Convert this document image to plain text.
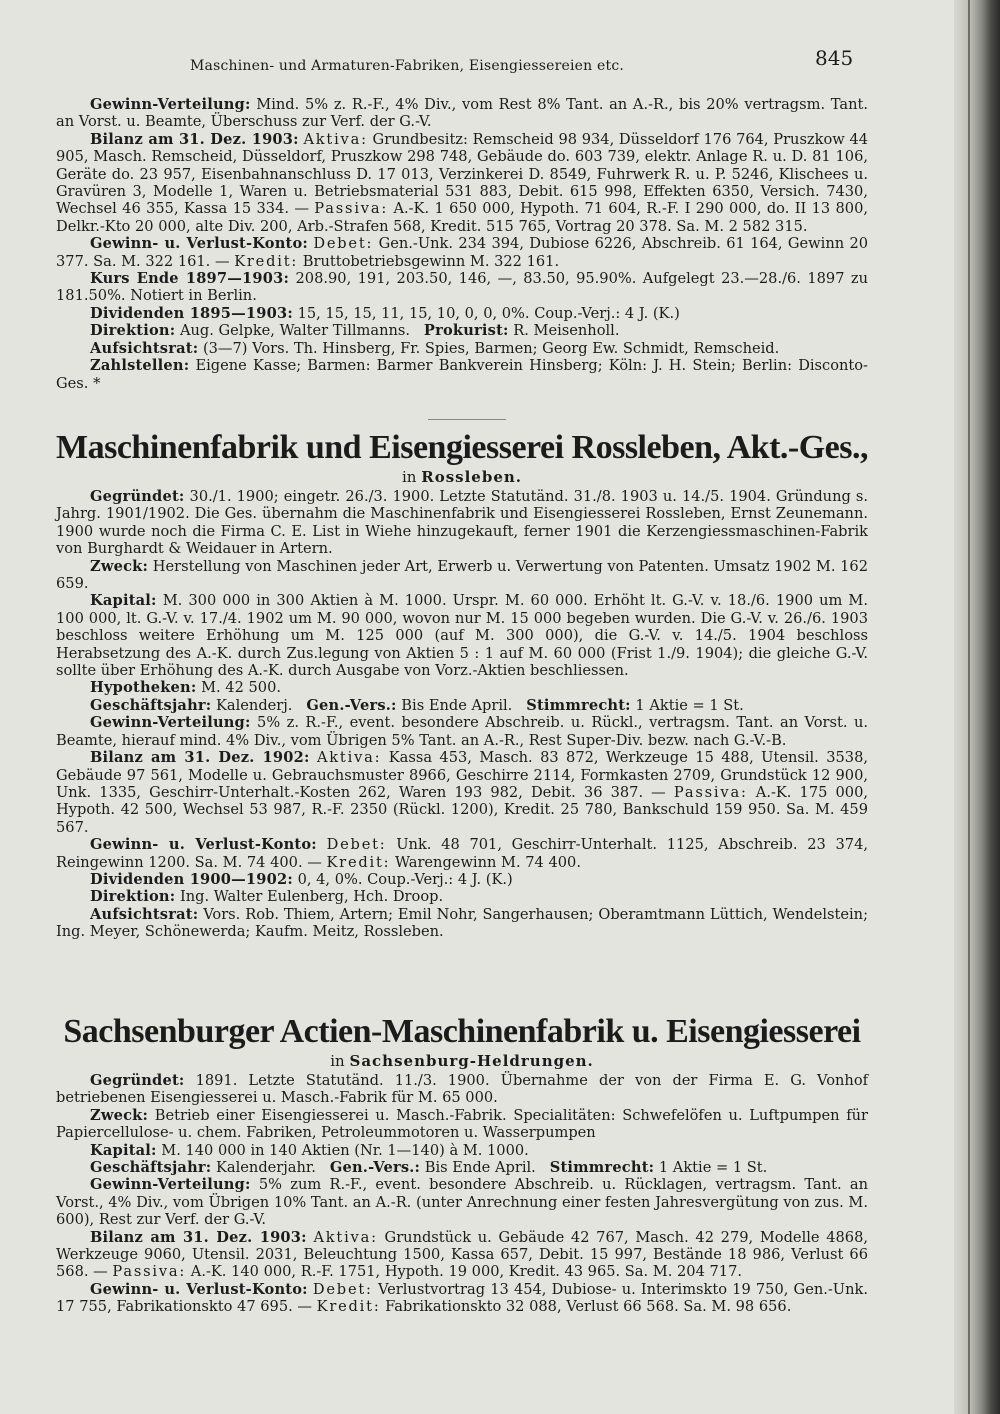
Maschinen- und Armaturen-Fabriken, Eisengiessereien etc.	845

Gewinn-Verteilung: Mind. 5% z. R.-F., 4% Div., vom Rest 8% Tant. an A.-R., bis 20% vertragsm. Tant. an Vorst. u. Beamte, Überschuss zur Verf. der G.-V.

Bilanz am 31. Dez. 1903: Aktiva: Grundbesitz: Remscheid 98 934, Düsseldorf 176 764, Pruszkow 44 905, Masch. Remscheid, Düsseldorf, Pruszkow 298 748, Gebäude do. 603 739, elektr. Anlage R. u. D. 81 106, Geräte do. 23 957, Eisenbahnanschluss D. 17 013, Verzinkerei D. 8549, Fuhrwerk R. u. P. 5246, Klischees u. Gravüren 3, Modelle 1, Waren u. Betriebsmaterial 531 883, Debit. 615 998, Effekten 6350, Versich. 7430, Wechsel 46 355, Kassa 15 334. — Passiva: A.-K. 1 650 000, Hypoth. 71 604, R.-F. I 290 000, do. II 13 800, Delkr.-Kto 20 000, alte Div. 200, Arb.-Strafen 568, Kredit. 515 765, Vortrag 20 378. Sa. M. 2 582 315.

Gewinn- u. Verlust-Konto: Debet: Gen.-Unk. 234 394, Dubiose 6226, Abschreib. 61 164, Gewinn 20 377. Sa. M. 322 161. — Kredit: Bruttobetriebsgewinn M. 322 161.

Kurs Ende 1897—1903: 208.90, 191, 203.50, 146, —, 83.50, 95.90%. Aufgelegt 23.—28./6. 1897 zu 181.50%. Notiert in Berlin.

Dividenden 1895—1903: 15, 15, 15, 11, 15, 10, 0, 0, 0%. Coup.-Verj.: 4 J. (K.)

Direktion: Aug. Gelpke, Walter Tillmanns. Prokurist: R. Meisenholl.

Aufsichtsrat: (3—7) Vors. Th. Hinsberg, Fr. Spies, Barmen; Georg Ew. Schmidt, Remscheid.

Zahlstellen: Eigene Kasse; Barmen: Barmer Bankverein Hinsberg; Köln: J. H. Stein; Berlin: Disconto-Ges. *

Maschinenfabrik und Eisengiesserei Rossleben, Akt.-Ges.,
in Rossleben.

Gegründet: 30./1. 1900; eingetr. 26./3. 1900. Letzte Statutänd. 31./8. 1903 u. 14./5. 1904. Gründung s. Jahrg. 1901/1902. Die Ges. übernahm die Maschinenfabrik und Eisengiesserei Rossleben, Ernst Zeunemann. 1900 wurde noch die Firma C. E. List in Wiehe hinzugekauft, ferner 1901 die Kerzengiessmaschinen-Fabrik von Burghardt & Weidauer in Artern.

Zweck: Herstellung von Maschinen jeder Art, Erwerb u. Verwertung von Patenten. Umsatz 1902 M. 162 659.

Kapital: M. 300 000 in 300 Aktien à M. 1000. Urspr. M. 60 000. Erhöht lt. G.-V. v. 18./6. 1900 um M. 100 000, lt. G.-V. v. 17./4. 1902 um M. 90 000, wovon nur M. 15 000 begeben wurden. Die G.-V. v. 26./6. 1903 beschloss weitere Erhöhung um M. 125 000 (auf M. 300 000), die G.-V. v. 14./5. 1904 beschloss Herabsetzung des A.-K. durch Zus.legung von Aktien 5 : 1 auf M. 60 000 (Frist 1./9. 1904); die gleiche G.-V. sollte über Erhöhung des A.-K. durch Ausgabe von Vorz.-Aktien beschliessen.

Hypotheken: M. 42 500.

Geschäftsjahr: Kalenderj. Gen.-Vers.: Bis Ende April. Stimmrecht: 1 Aktie = 1 St.

Gewinn-Verteilung: 5% z. R.-F., event. besondere Abschreib. u. Rückl., vertragsm. Tant. an Vorst. u. Beamte, hierauf mind. 4% Div., vom Übrigen 5% Tant. an A.-R., Rest Super-Div. bezw. nach G.-V.-B.

Bilanz am 31. Dez. 1902: Aktiva: Kassa 453, Masch. 83 872, Werkzeuge 15 488, Utensil. 3538, Gebäude 97 561, Modelle u. Gebrauchsmuster 8966, Geschirre 2114, Formkasten 2709, Grundstück 12 900, Unk. 1335, Geschirr-Unterhalt.-Kosten 262, Waren 193 982, Debit. 36 387. — Passiva: A.-K. 175 000, Hypoth. 42 500, Wechsel 53 987, R.-F. 2350 (Rückl. 1200), Kredit. 25 780, Bankschuld 159 950. Sa. M. 459 567.

Gewinn- u. Verlust-Konto: Debet: Unk. 48 701, Geschirr-Unterhalt. 1125, Abschreib. 23 374, Reingewinn 1200. Sa. M. 74 400. — Kredit: Warengewinn M. 74 400.

Dividenden 1900—1902: 0, 4, 0%. Coup.-Verj.: 4 J. (K.)

Direktion: Ing. Walter Eulenberg, Hch. Droop.

Aufsichtsrat: Vors. Rob. Thiem, Artern; Emil Nohr, Sangerhausen; Oberamtmann Lüttich, Wendelstein; Ing. Meyer, Schönewerda; Kaufm. Meitz, Rossleben.

Sachsenburger Actien-Maschinenfabrik u. Eisengiesserei
in Sachsenburg-Heldrungen.

Gegründet: 1891. Letzte Statutänd. 11./3. 1900. Übernahme der von der Firma E. G. Vonhof betriebenen Eisengiesserei u. Masch.-Fabrik für M. 65 000.

Zweck: Betrieb einer Eisengiesserei u. Masch.-Fabrik. Specialitäten: Schwefelöfen u. Luftpumpen für Papiercellulose- u. chem. Fabriken, Petroleummotoren u. Wasserpumpen

Kapital: M. 140 000 in 140 Aktien (Nr. 1—140) à M. 1000.

Geschäftsjahr: Kalenderjahr. Gen.-Vers.: Bis Ende April. Stimmrecht: 1 Aktie = 1 St.

Gewinn-Verteilung: 5% zum R.-F., event. besondere Abschreib. u. Rücklagen, vertragsm. Tant. an Vorst., 4% Div., vom Übrigen 10% Tant. an A.-R. (unter Anrechnung einer festen Jahresvergütung von zus. M. 600), Rest zur Verf. der G.-V.

Bilanz am 31. Dez. 1903: Aktiva: Grundstück u. Gebäude 42 767, Masch. 42 279, Modelle 4868, Werkzeuge 9060, Utensil. 2031, Beleuchtung 1500, Kassa 657, Debit. 15 997, Bestände 18 986, Verlust 66 568. — Passiva: A.-K. 140 000, R.-F. 1751, Hypoth. 19 000, Kredit. 43 965. Sa. M. 204 717.

Gewinn- u. Verlust-Konto: Debet: Verlustvortrag 13 454, Dubiose- u. Interimskto 19 750, Gen.-Unk. 17 755, Fabrikationskto 47 695. — Kredit: Fabrikationskto 32 088, Verlust 66 568. Sa. M. 98 656.
